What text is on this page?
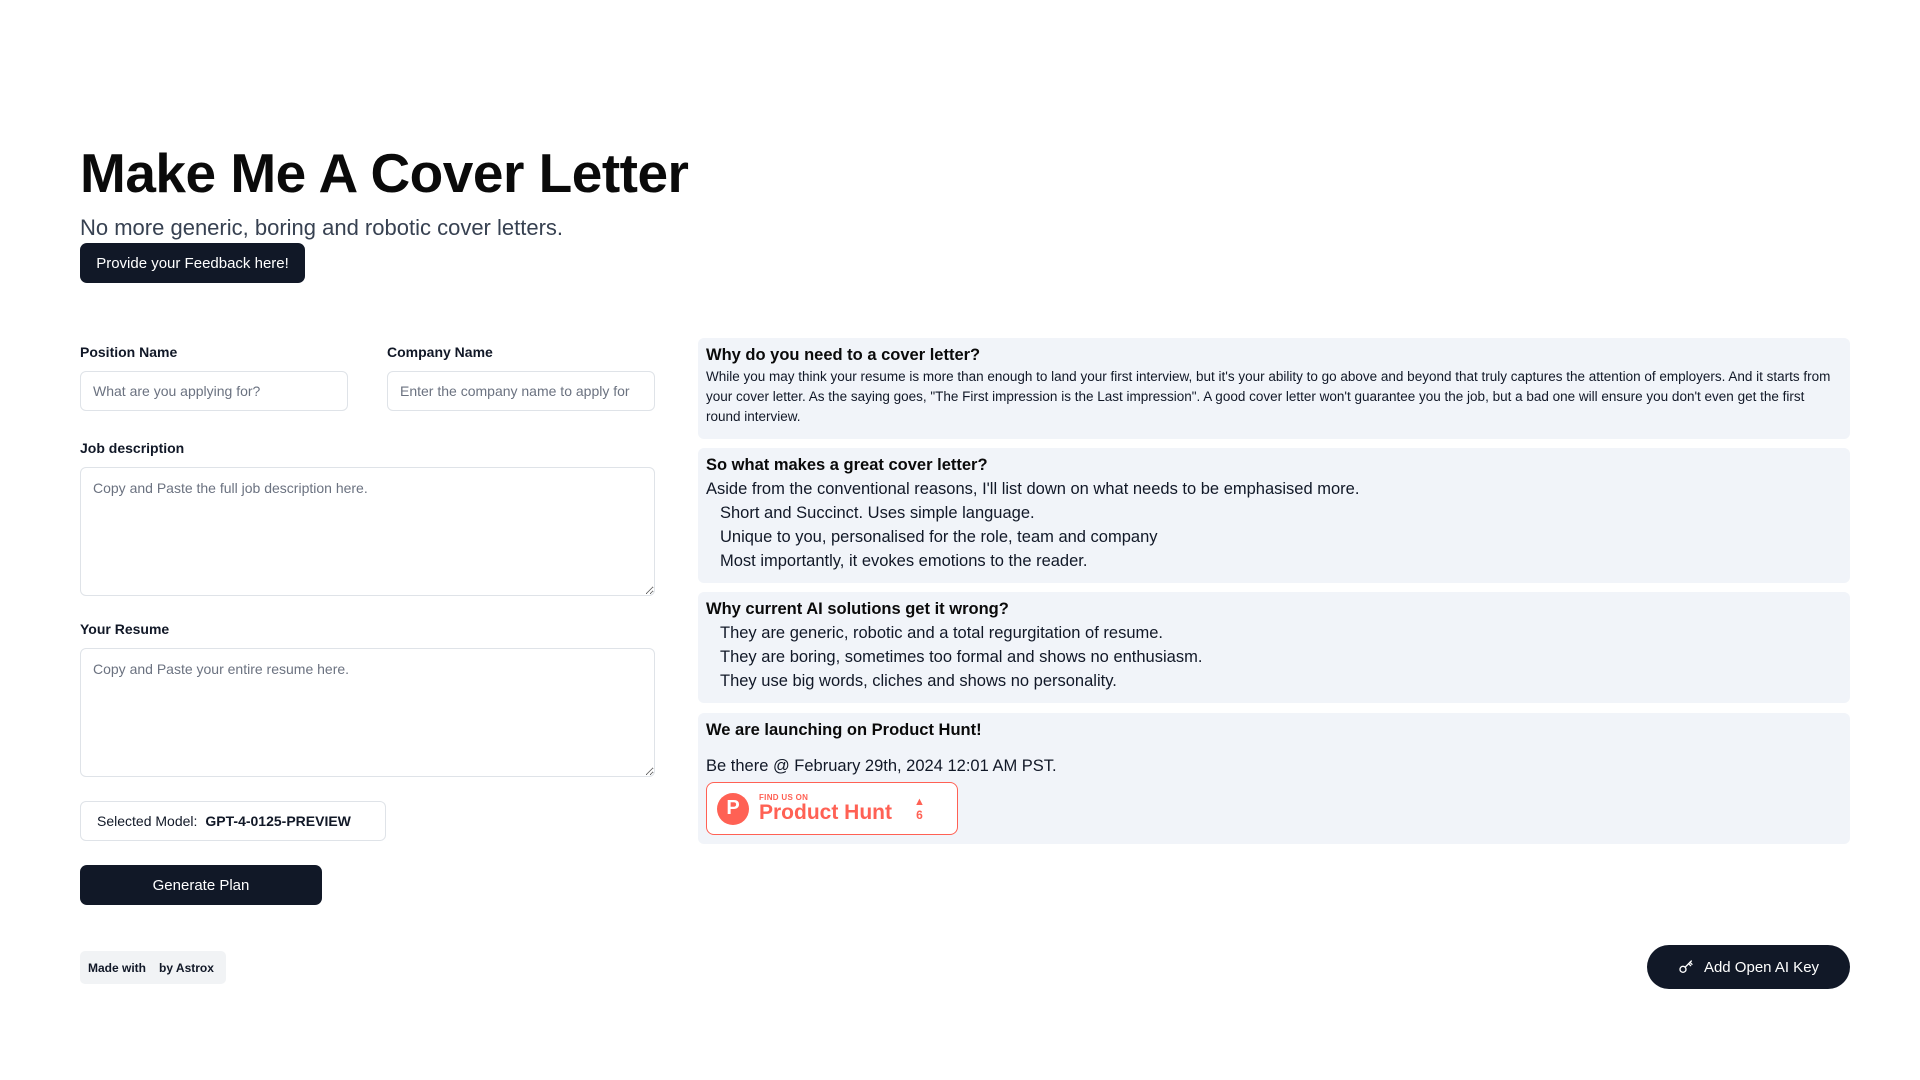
Make Me A Cover Letter

No more generic, boring and robotic cover letters.

Provide your Feedback here!
Position Name
What are you applying for?	Company Name
Enter the company name to apply for
Job description
Copy and Paste the full job description here.
Your Resume
Copy and Paste your entire resume here.
Selected Model: GPT-4-0125-PREVIEW
Generate Plan
Made with by Astrox	Add Open AI Key
Why do you need to a cover letter?

While you may think your resume is more than enough to land your first interview, but it's your ability to go above and beyond that truly captures the attention of employers. And it starts from your cover letter. As the saying goes, "The First impression is the Last impression". A good cover letter won't guarantee you the job, but a bad one will ensure you don't even get the first round interview.

So what makes a great cover letter?

Aside from the conventional reasons, I'll list down on what needs to be emphasised more.

Short and Succinct. Uses simple language.
Unique to you, personalised for the role, team and company
Most importantly, it evokes emotions to the reader.
Why current AI solutions get it wrong?
They are generic, robotic and a total regurgitation of resume.
They are boring, sometimes too formal and shows no enthusiasm.
They use big words, cliches and shows no personality.
We are launching on Product Hunt!

Be there @ February 29th, 2024 12:01 AM PST.

P	FIND US ON
Product Hunt ▲
6
